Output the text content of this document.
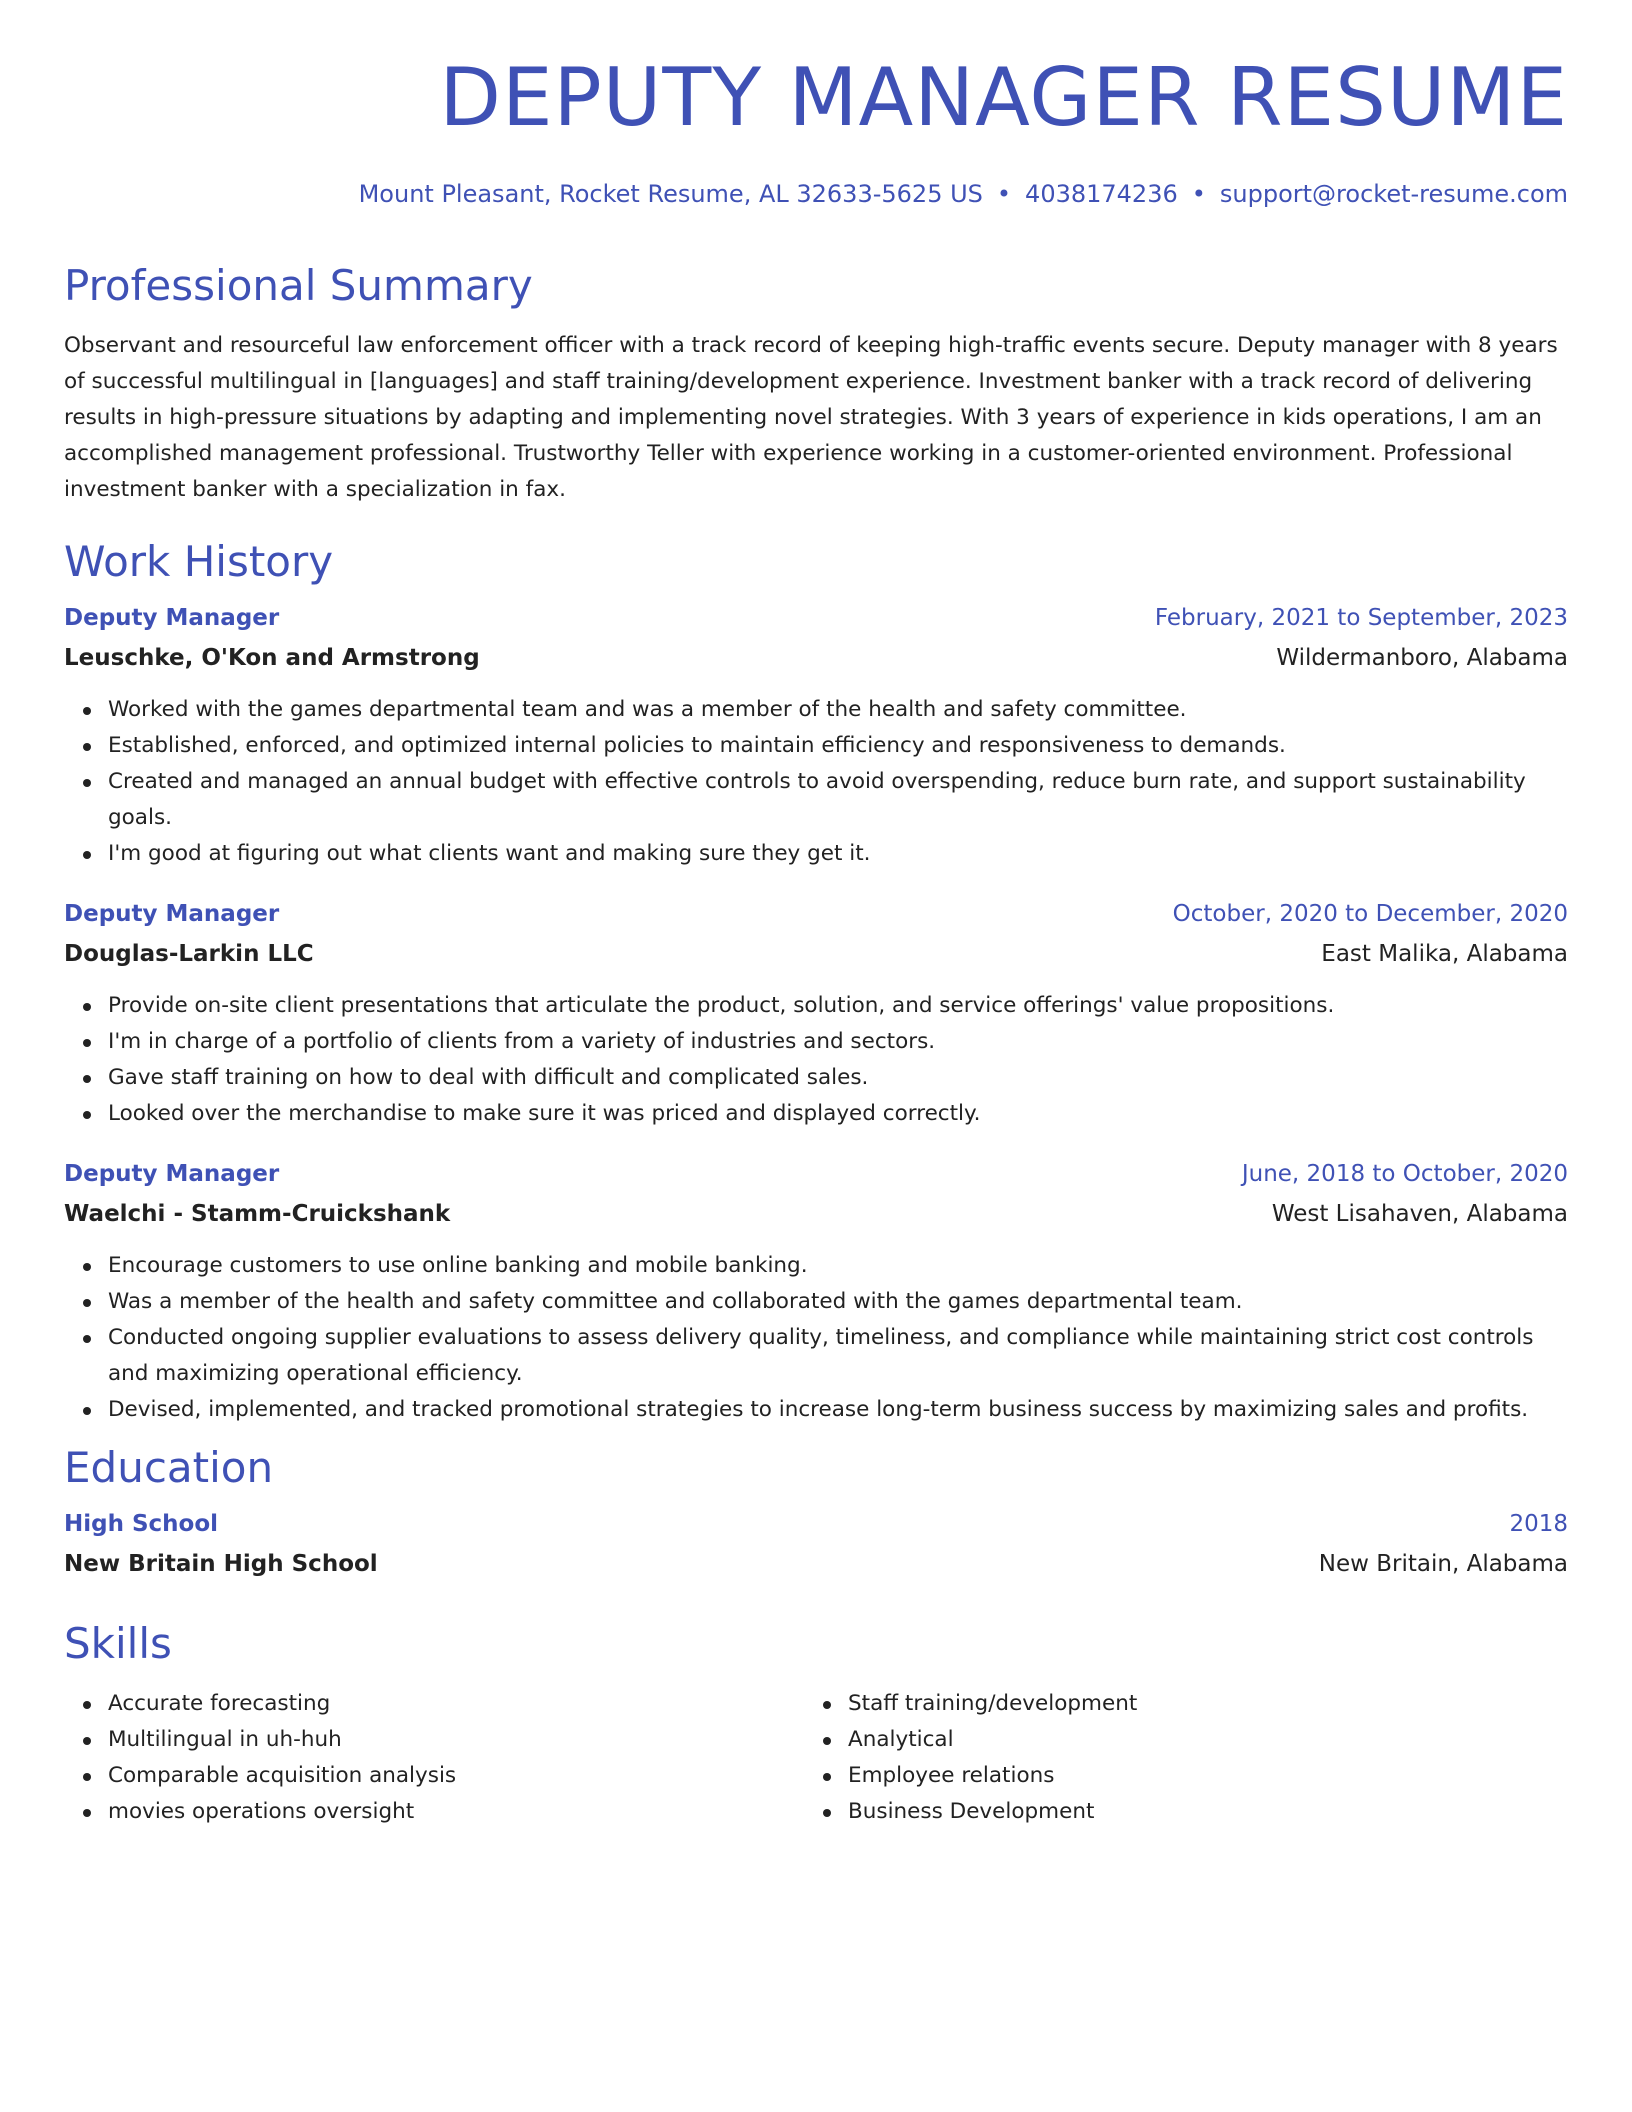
DEPUTY MANAGER RESUME
Mount Pleasant, Rocket Resume, AL 32633-5625 US • 4038174236 • support@rocket-resume.com
Professional Summary

Observant and resourceful law enforcement officer with a track record of keeping high-traffic events secure. Deputy manager with 8 years of successful multilingual in [languages] and staff training/development experience. Investment banker with a track record of delivering results in high-pressure situations by adapting and implementing novel strategies. With 3 years of experience in kids operations, I am an accomplished management professional. Trustworthy Teller with experience working in a customer-oriented environment. Professional investment banker with a specialization in fax.

Work History
Deputy Manager	February, 2021 to September, 2023
Leuschke, O'Kon and Armstrong	Wildermanboro, Alabama
Worked with the games departmental team and was a member of the health and safety committee.
Established, enforced, and optimized internal policies to maintain efficiency and responsiveness to demands.
Created and managed an annual budget with effective controls to avoid overspending, reduce burn rate, and support sustainability goals.
I'm good at figuring out what clients want and making sure they get it.
Deputy Manager	October, 2020 to December, 2020
Douglas-Larkin LLC	East Malika, Alabama
Provide on-site client presentations that articulate the product, solution, and service offerings' value propositions.
I'm in charge of a portfolio of clients from a variety of industries and sectors.
Gave staff training on how to deal with difficult and complicated sales.
Looked over the merchandise to make sure it was priced and displayed correctly.
Deputy Manager	June, 2018 to October, 2020
Waelchi - Stamm-Cruickshank	West Lisahaven, Alabama
Encourage customers to use online banking and mobile banking.
Was a member of the health and safety committee and collaborated with the games departmental team.
Conducted ongoing supplier evaluations to assess delivery quality, timeliness, and compliance while maintaining strict cost controls and maximizing operational efficiency.
Devised, implemented, and tracked promotional strategies to increase long-term business success by maximizing sales and profits.
Education
High School	2018
New Britain High School	New Britain, Alabama
Skills
Accurate forecasting
Multilingual in uh-huh
Comparable acquisition analysis
movies operations oversight
Staff training/development
Analytical
Employee relations
Business Development
